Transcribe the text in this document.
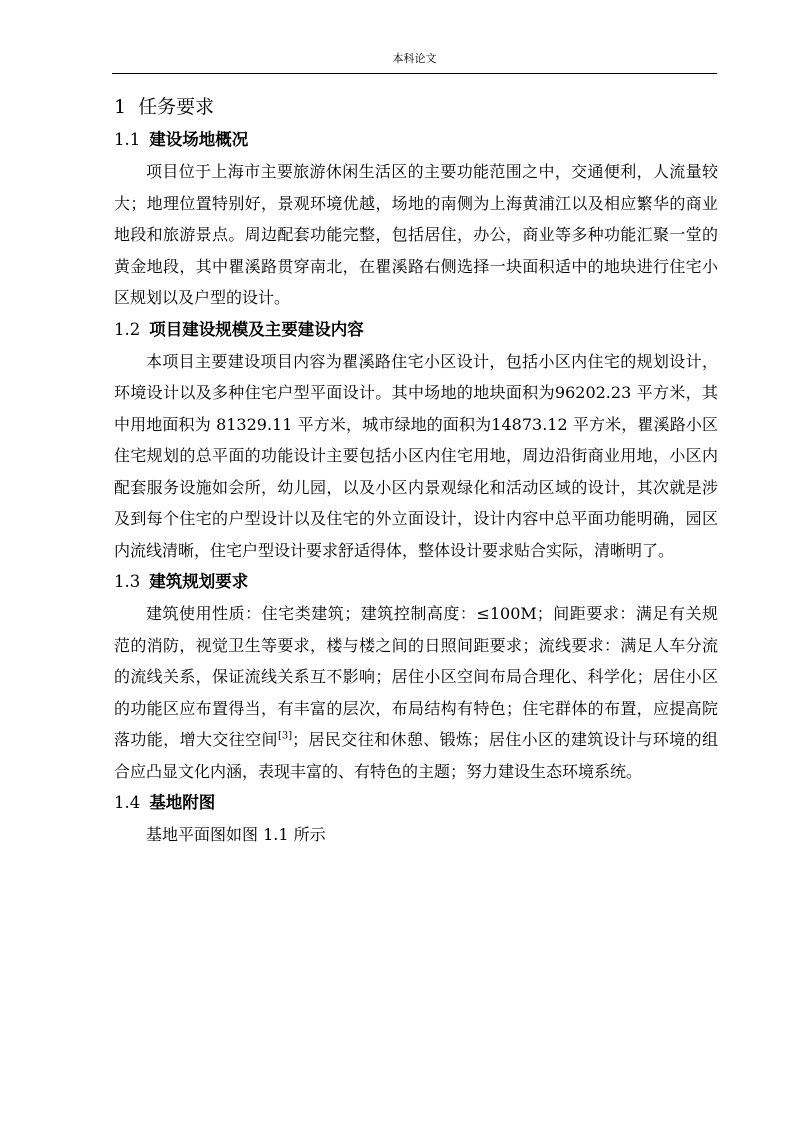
本科论文
1 任务要求
1.1 建设场地概况

项目位于上海市主要旅游休闲生活区的主要功能范围之中，交通便利，人流量较大；地理位置特别好，景观环境优越，场地的南侧为上海黄浦江以及相应繁华的商业地段和旅游景点。周边配套功能完整，包括居住，办公，商业等多种功能汇聚一堂的黄金地段，其中瞿溪路贯穿南北，在瞿溪路右侧选择一块面积适中的地块进行住宅小区规划以及户型的设计。

1.2 项目建设规模及主要建设内容

本项目主要建设项目内容为瞿溪路住宅小区设计，包括小区内住宅的规划设计，环境设计以及多种住宅户型平面设计。其中场地的地块面积为96202.23 平方米，其中用地面积为 81329.11 平方米，城市绿地的面积为14873.12 平方米，瞿溪路小区住宅规划的总平面的功能设计主要包括小区内住宅用地，周边沿街商业用地，小区内配套服务设施如会所，幼儿园，以及小区内景观绿化和活动区域的设计，其次就是涉及到每个住宅的户型设计以及住宅的外立面设计，设计内容中总平面功能明确，园区内流线清晰，住宅户型设计要求舒适得体，整体设计要求贴合实际，清晰明了。

1.3 建筑规划要求

建筑使用性质：住宅类建筑；建筑控制高度：≤100M；间距要求：满足有关规范的消防，视觉卫生等要求，楼与楼之间的日照间距要求；流线要求：满足人车分流的流线关系，保证流线关系互不影响；居住小区空间布局合理化、科学化；居住小区的功能区应布置得当，有丰富的层次，布局结构有特色；住宅群体的布置，应提高院落功能，增大交往空间[3]；居民交往和休憩、锻炼；居住小区的建筑设计与环境的组合应凸显文化内涵，表现丰富的、有特色的主题；努力建设生态环境系统。

1.4 基地附图

基地平面图如图 1.1 所示
